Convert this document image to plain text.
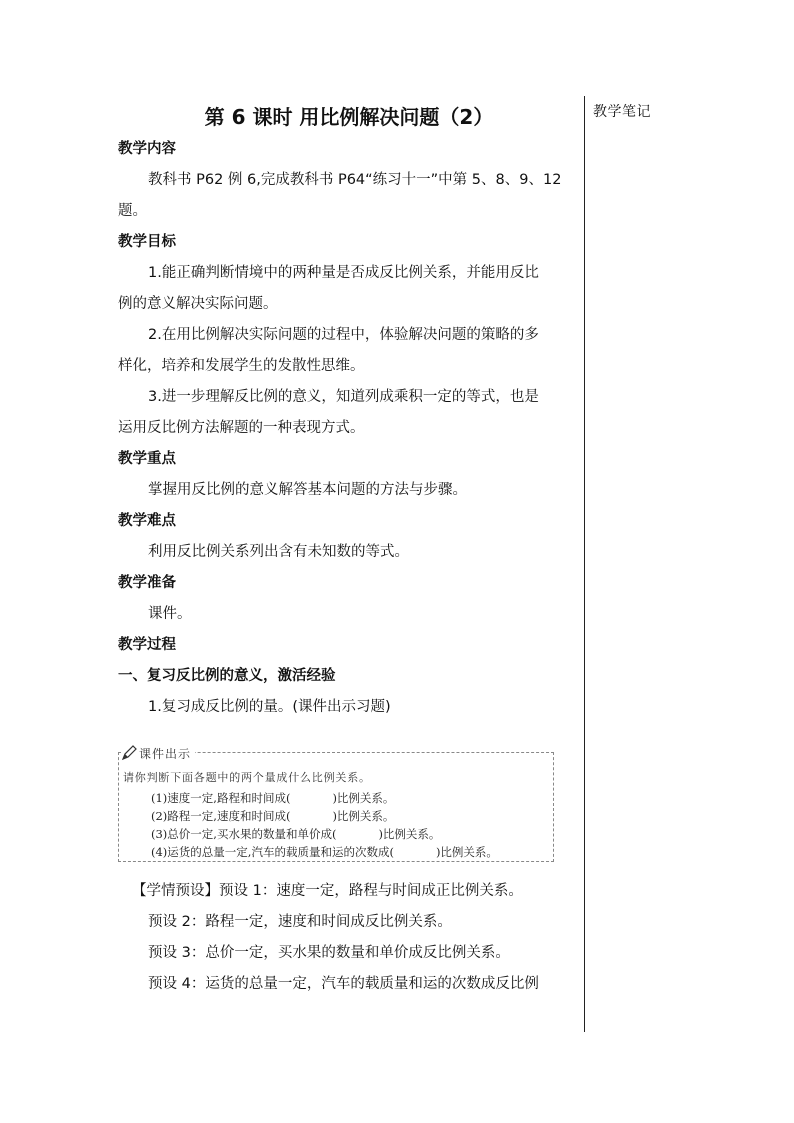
教学笔记
第 6 课时 用比例解决问题（2）
教学内容
教科书 P62 例 6,完成教科书 P64“练习十一”中第 5、8、9、12
题。
教学目标
1.能正确判断情境中的两种量是否成反比例关系，并能用反比
例的意义解决实际问题。
2.在用比例解决实际问题的过程中，体验解决问题的策略的多
样化，培养和发展学生的发散性思维。
3.进一步理解反比例的意义，知道列成乘积一定的等式，也是
运用反比例方法解题的一种表现方式。
教学重点
掌握用反比例的意义解答基本问题的方法与步骤。
教学难点
利用反比例关系列出含有未知数的等式。
教学准备
课件。
教学过程
一、复习反比例的意义，激活经验
1.复习成反比例的量。(课件出示习题)
课件出示
请你判断下面各题中的两个量成什么比例关系。
(1)速度一定,路程和时间成(	)比例关系。
(2)路程一定,速度和时间成(	)比例关系。
(3)总价一定,买水果的数量和单价成(	)比例关系。
(4)运货的总量一定,汽车的载质量和运的次数成(	)比例关系。
【学情预设】预设 1：速度一定，路程与时间成正比例关系。
预设 2：路程一定，速度和时间成反比例关系。
预设 3：总价一定，买水果的数量和单价成反比例关系。
预设 4：运货的总量一定，汽车的载质量和运的次数成反比例
